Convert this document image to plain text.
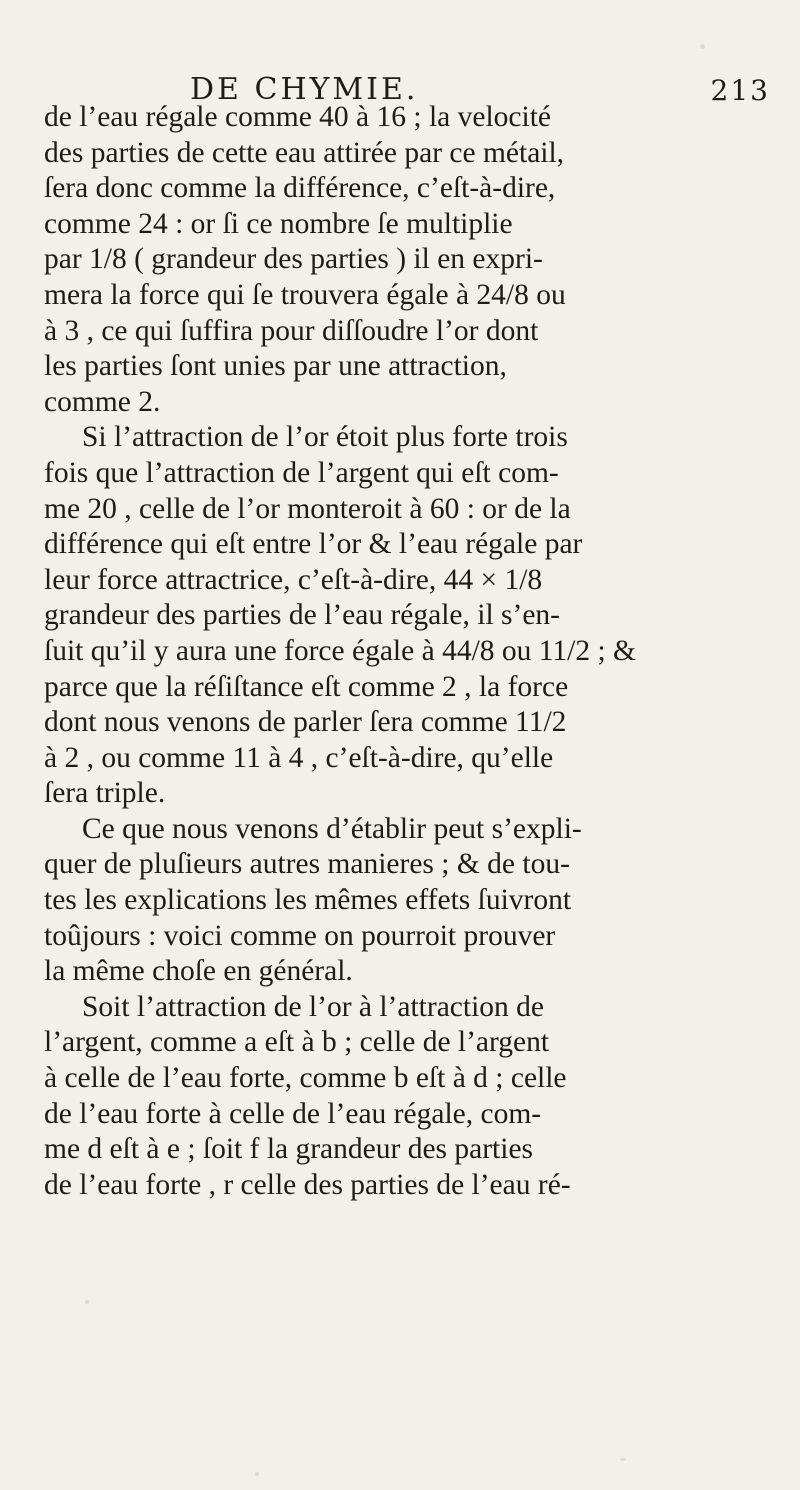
DE CHYMIE.	213
de l’eau régale comme 40 à 16 ; la velocité
des parties de cette eau attirée par ce métail,
ſera donc comme la différence, c’eſt-à-dire,
comme 24 : or ſi ce nombre ſe multiplie
par 1/8 ( grandeur des parties ) il en expri-
mera la force qui ſe trouvera égale à 24/8 ou
à 3 , ce qui ſuffira pour diſſoudre l’or dont
les parties ſont unies par une attraction,
comme 2.
Si l’attraction de l’or étoit plus forte trois
fois que l’attraction de l’argent qui eſt com-
me 20 , celle de l’or monteroit à 60 : or de la
différence qui eſt entre l’or & l’eau régale par
leur force attractrice, c’eſt-à-dire, 44 × 1/8
grandeur des parties de l’eau régale, il s’en-
ſuit qu’il y aura une force égale à 44/8 ou 11/2 ; &
parce que la réſiſtance eſt comme 2 , la force
dont nous venons de parler ſera comme 11/2
à 2 , ou comme 11 à 4 , c’eſt-à-dire, qu’elle
ſera triple.
Ce que nous venons d’établir peut s’expli-
quer de pluſieurs autres manieres ; & de tou-
tes les explications les mêmes effets ſuivront
toûjours : voici comme on pourroit prouver
la même choſe en général.
Soit l’attraction de l’or à l’attraction de
l’argent, comme a eſt à b ; celle de l’argent
à celle de l’eau forte, comme b eſt à d ; celle
de l’eau forte à celle de l’eau régale, com-
me d eſt à e ; ſoit f la grandeur des parties
de l’eau forte , r celle des parties de l’eau ré-
